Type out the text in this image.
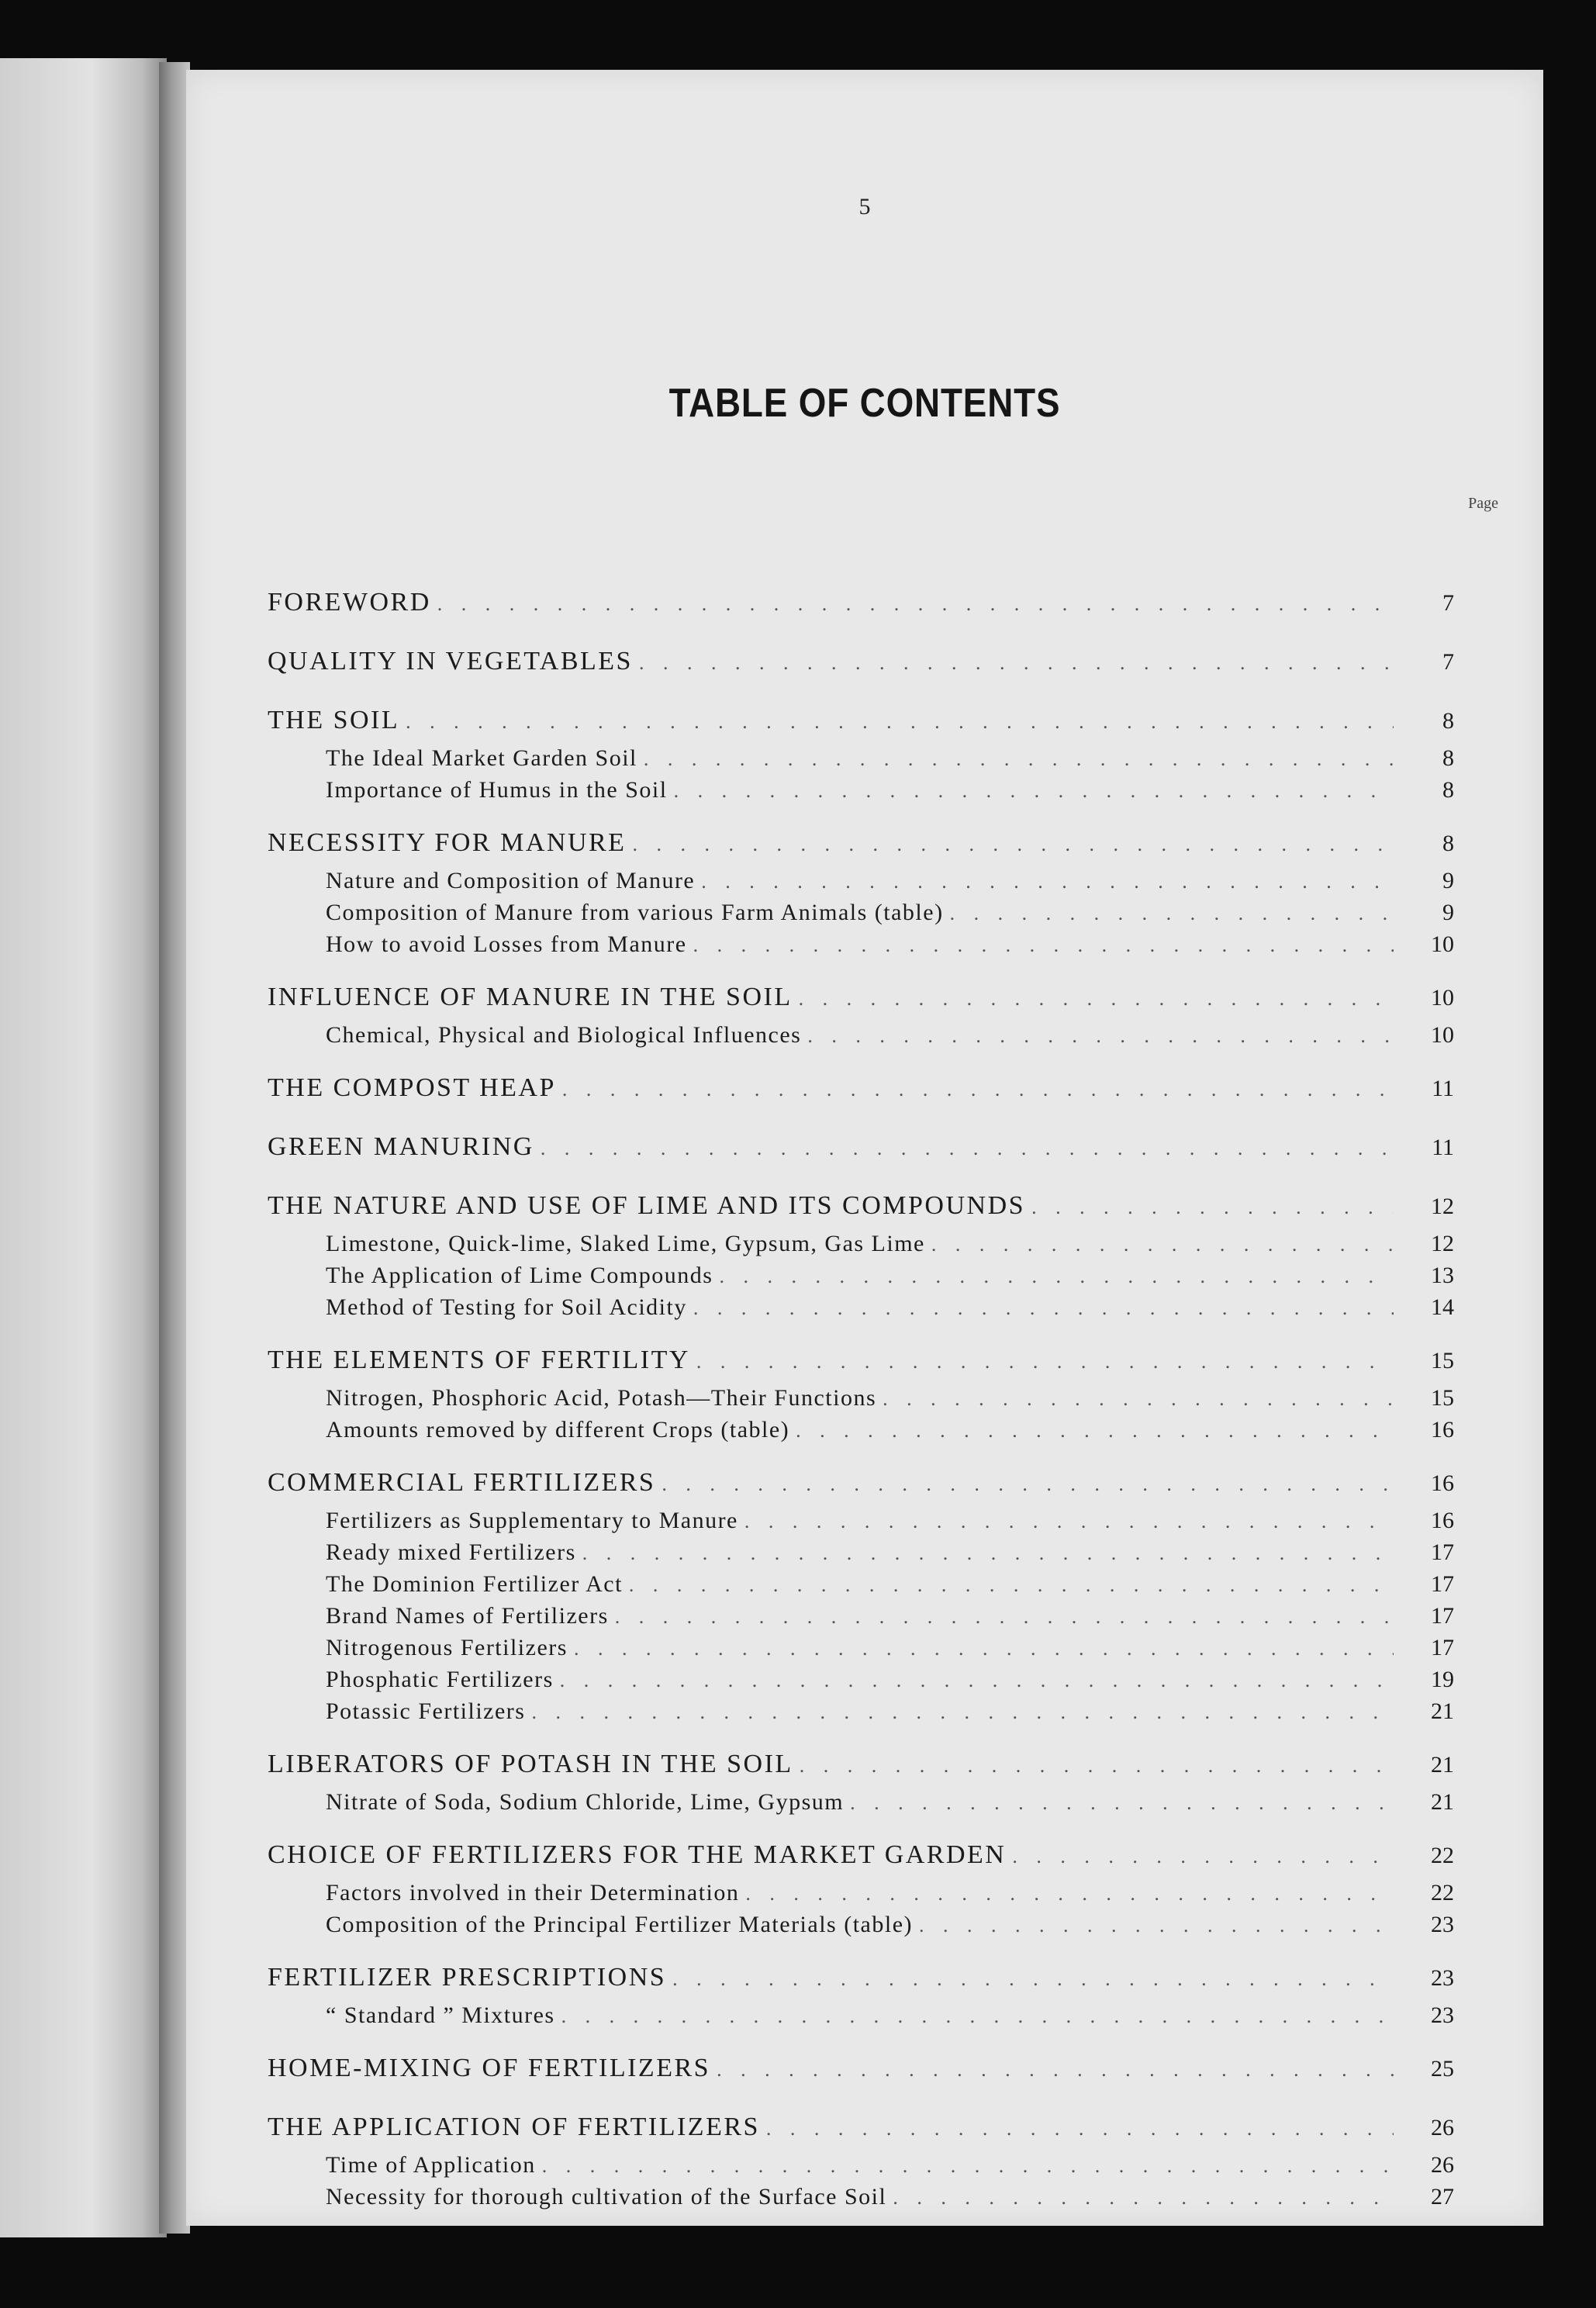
5
TABLE OF CONTENTS
Page
FOREWORD . . .	7
QUALITY IN VEGETABLES . . .	7
THE SOIL . . .	8
The Ideal Market Garden Soil . . .	8
Importance of Humus in the Soil . . .	8
NECESSITY FOR MANURE . . .	8
Nature and Composition of Manure . . .	9
Composition of Manure from various Farm Animals (table) . . .	9
How to avoid Losses from Manure . . .	10
INFLUENCE OF MANURE IN THE SOIL . . .	10
Chemical, Physical and Biological Influences . . .	10
THE COMPOST HEAP . . .	11
GREEN MANURING . . .	11
THE NATURE AND USE OF LIME AND ITS COMPOUNDS . . .	12
Limestone, Quick-lime, Slaked Lime, Gypsum, Gas Lime . . .	12
The Application of Lime Compounds . . .	13
Method of Testing for Soil Acidity . . .	14
THE ELEMENTS OF FERTILITY . . .	15
Nitrogen, Phosphoric Acid, Potash—Their Functions . . .	15
Amounts removed by different Crops (table) . . .	16
COMMERCIAL FERTILIZERS . . .	16
Fertilizers as Supplementary to Manure . . .	16
Ready mixed Fertilizers . . .	17
The Dominion Fertilizer Act . . .	17
Brand Names of Fertilizers . . .	17
Nitrogenous Fertilizers . . .	17
Phosphatic Fertilizers . . .	19
Potassic Fertilizers . . .	21
LIBERATORS OF POTASH IN THE SOIL . . .	21
Nitrate of Soda, Sodium Chloride, Lime, Gypsum . . .	21
CHOICE OF FERTILIZERS FOR THE MARKET GARDEN . . .	22
Factors involved in their Determination . . .	22
Composition of the Principal Fertilizer Materials (table) . . .	23
FERTILIZER PRESCRIPTIONS . . .	23
“ Standard ” Mixtures . . .	23
HOME-MIXING OF FERTILIZERS . . .	25
THE APPLICATION OF FERTILIZERS . . .	26
Time of Application . . .	26
Necessity for thorough cultivation of the Surface Soil . . .	27
